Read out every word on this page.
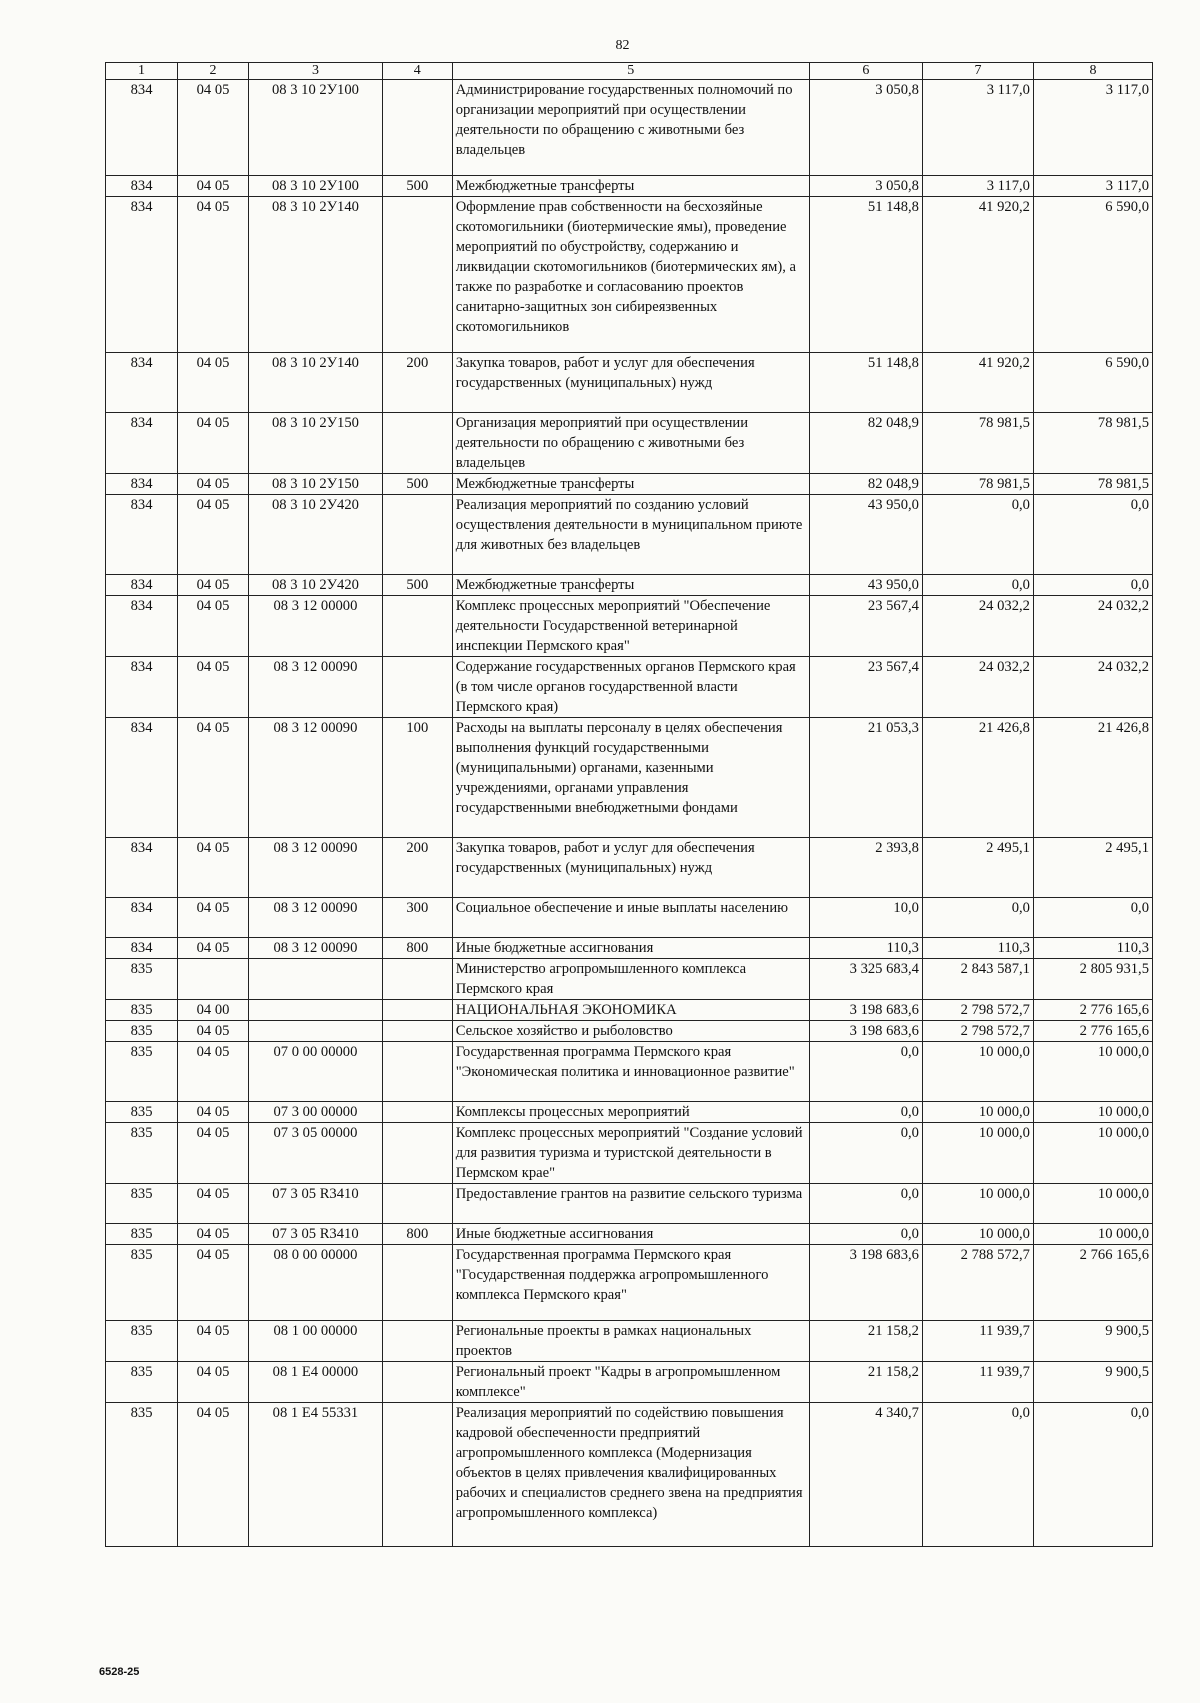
82
1	2	3	4	5	6	7	8
834	04 05	08 3 10 2У100		Администрирование государственных полномочий по организации мероприятий при осуществлении деятельности по обращению с животными без владельцев	3 050,8	3 117,0	3 117,0
834	04 05	08 3 10 2У100	500	Межбюджетные трансферты	3 050,8	3 117,0	3 117,0
834	04 05	08 3 10 2У140		Оформление прав собственности на бесхозяйные скотомогильники (биотермические ямы), проведение мероприятий по обустройству, содержанию и ликвидации скотомогильников (биотермических ям), а также по разработке и согласованию проектов санитарно-защитных зон сибиреязвенных скотомогильников	51 148,8	41 920,2	6 590,0
834	04 05	08 3 10 2У140	200	Закупка товаров, работ и услуг для обеспечения государственных (муниципальных) нужд	51 148,8	41 920,2	6 590,0
834	04 05	08 3 10 2У150		Организация мероприятий при осуществлении деятельности по обращению с животными без владельцев	82 048,9	78 981,5	78 981,5
834	04 05	08 3 10 2У150	500	Межбюджетные трансферты	82 048,9	78 981,5	78 981,5
834	04 05	08 3 10 2У420		Реализация мероприятий по созданию условий осуществления деятельности в муниципальном приюте для животных без владельцев	43 950,0	0,0	0,0
834	04 05	08 3 10 2У420	500	Межбюджетные трансферты	43 950,0	0,0	0,0
834	04 05	08 3 12 00000		Комплекс процессных мероприятий "Обеспечение деятельности Государственной ветеринарной инспекции Пермского края"	23 567,4	24 032,2	24 032,2
834	04 05	08 3 12 00090		Содержание государственных органов Пермского края (в том числе органов государственной власти Пермского края)	23 567,4	24 032,2	24 032,2
834	04 05	08 3 12 00090	100	Расходы на выплаты персоналу в целях обеспечения выполнения функций государственными (муниципальными) органами, казенными учреждениями, органами управления государственными внебюджетными фондами	21 053,3	21 426,8	21 426,8
834	04 05	08 3 12 00090	200	Закупка товаров, работ и услуг для обеспечения государственных (муниципальных) нужд	2 393,8	2 495,1	2 495,1
834	04 05	08 3 12 00090	300	Социальное обеспечение и иные выплаты населению	10,0	0,0	0,0
834	04 05	08 3 12 00090	800	Иные бюджетные ассигнования	110,3	110,3	110,3
835				Министерство агропромышленного комплекса Пермского края	3 325 683,4	2 843 587,1	2 805 931,5
835	04 00			НАЦИОНАЛЬНАЯ ЭКОНОМИКА	3 198 683,6	2 798 572,7	2 776 165,6
835	04 05			Сельское хозяйство и рыболовство	3 198 683,6	2 798 572,7	2 776 165,6
835	04 05	07 0 00 00000		Государственная программа Пермского края "Экономическая политика и инновационное развитие"	0,0	10 000,0	10 000,0
835	04 05	07 3 00 00000		Комплексы процессных мероприятий	0,0	10 000,0	10 000,0
835	04 05	07 3 05 00000		Комплекс процессных мероприятий "Создание условий для развития туризма и туристской деятельности в Пермском крае"	0,0	10 000,0	10 000,0
835	04 05	07 3 05 R3410		Предоставление грантов на развитие сельского туризма	0,0	10 000,0	10 000,0
835	04 05	07 3 05 R3410	800	Иные бюджетные ассигнования	0,0	10 000,0	10 000,0
835	04 05	08 0 00 00000		Государственная программа Пермского края "Государственная поддержка агропромышленного комплекса Пермского края"	3 198 683,6	2 788 572,7	2 766 165,6
835	04 05	08 1 00 00000		Региональные проекты в рамках национальных проектов	21 158,2	11 939,7	9 900,5
835	04 05	08 1 E4 00000		Региональный проект "Кадры в агропромышленном комплексе"	21 158,2	11 939,7	9 900,5
835	04 05	08 1 E4 55331		Реализация мероприятий по содействию повышения кадровой обеспеченности предприятий агропромышленного комплекса (Модернизация объектов в целях привлечения квалифицированных рабочих и специалистов среднего звена на предприятия агропромышленного комплекса)	4 340,7	0,0	0,0
6528-25
